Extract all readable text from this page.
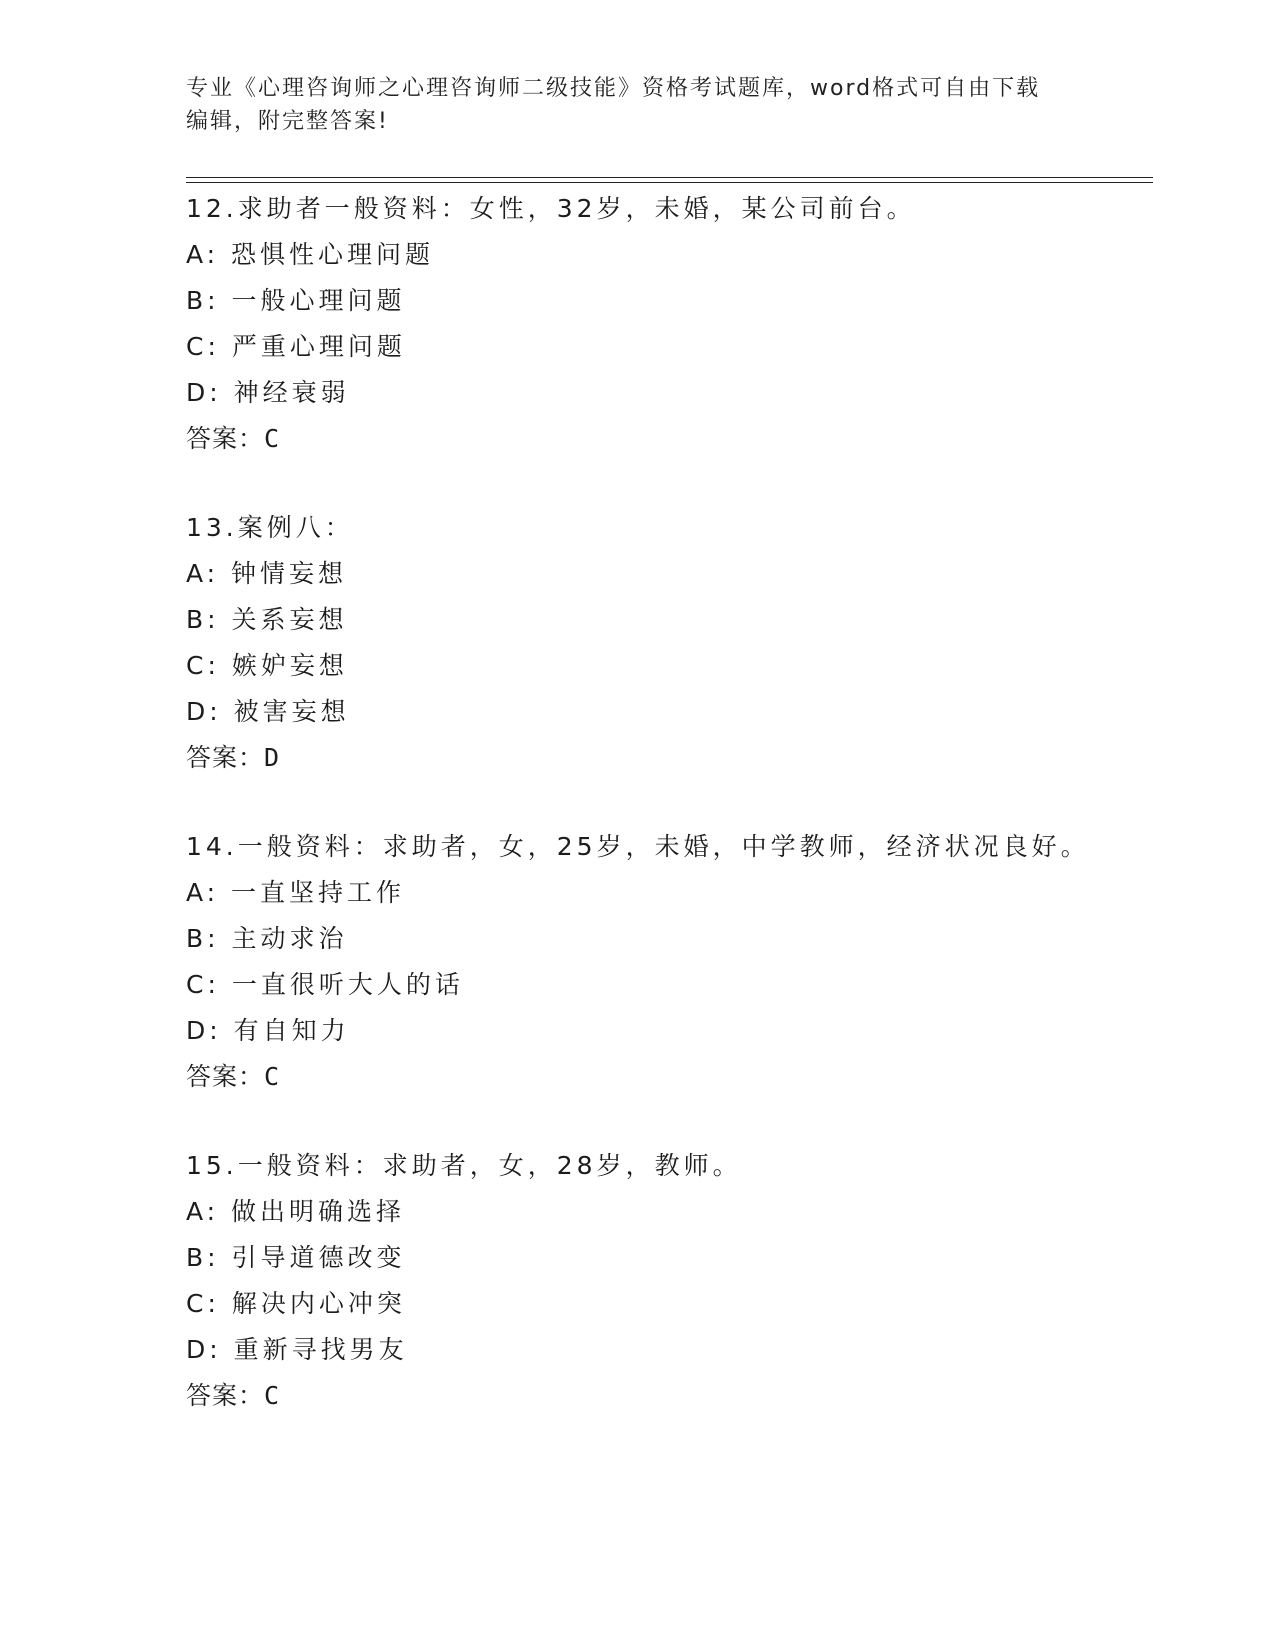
专业《心理咨询师之心理咨询师二级技能》资格考试题库，word格式可自由下载
编辑，附完整答案!
12.求助者一般资料：女性，32岁，未婚，某公司前台。
A: 恐惧性心理问题
B: 一般心理问题
C: 严重心理问题
D: 神经衰弱
答案：C
13.案例八：
A: 钟情妄想
B: 关系妄想
C: 嫉妒妄想
D: 被害妄想
答案：D
14.一般资料：求助者，女，25岁，未婚，中学教师，经济状况良好。
A: 一直坚持工作
B: 主动求治
C: 一直很听大人的话
D: 有自知力
答案：C
15.一般资料：求助者，女，28岁，教师。
A: 做出明确选择
B: 引导道德改变
C: 解决内心冲突
D: 重新寻找男友
答案：C
